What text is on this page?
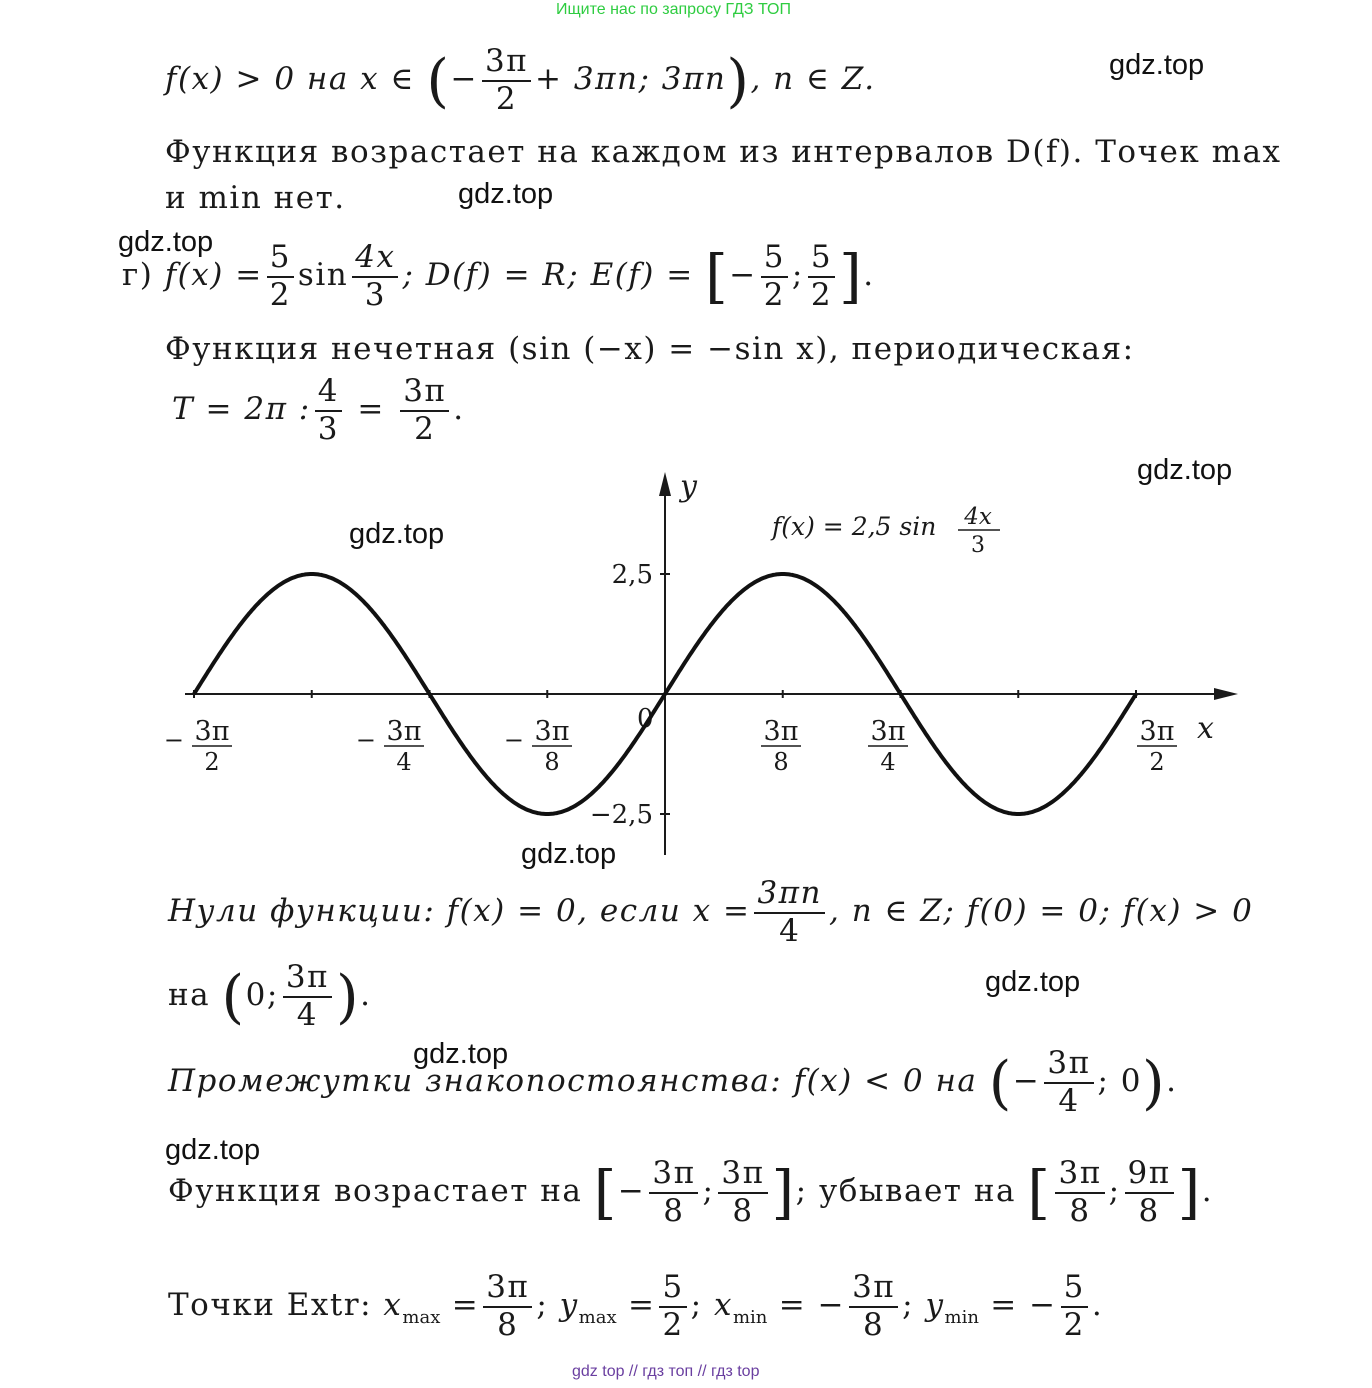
Ищите нас по запросу ГДЗ ТОП
gdz.top
gdz.top
gdz.top
gdz.top
gdz.top
gdz.top
gdz.top
gdz.top
gdz.top
f(x) > 0 на x ∈ (− $\frac{3\pi}{2} + 3\pi n$; 3πn), n ∈ Z.
Функция возрастает на каждом из интервалов D(f). Точек max
и min нет.
г) $f(x) = \frac{5}{2}$ $\sin \frac{4x}{3}$ ; D(f) = R; E(f) = [− $\frac{5}{2}$ ; $\frac{5}{2}$ ].
Функция нечетная (sin (−x) = −sin x), периодическая:
T = 2π : $\frac{4}{3} = \frac{3\pi}{2}$ .
y
x
0
2,5
−2,5
− 3π
2
− 3π
4
− 3π
8
3π
8
3π
4
3π
2
f(x) = 2,5 sin 4x
3
Нули функции: f(x) = 0, если $x = \frac{3\pi n}{4}$ , n ∈ Z; f(0) = 0; f(x) > 0
на (0; $\frac{3\pi}{4}$ ).
Промежутки знакопостоянства: f(x) < 0 на (− $\frac{3\pi}{4}$ ; 0).
Функция возрастает на [− $\frac{3\pi}{8}$ ; $\frac{3\pi}{8}$ ]; убывает на [ $\frac{3\pi}{8}$ ; $\frac{9\pi}{8}$ ].
Точки Extr: $x_{max} = \frac{3\pi}{8}$ ; $y_{max} = \frac{5}{2}$ ; $x_{min}$ = − $\frac{3\pi}{8}$ ; $y_{min}$ = − $\frac{5}{2}$ .
gdz top // гдз топ // гдз top
